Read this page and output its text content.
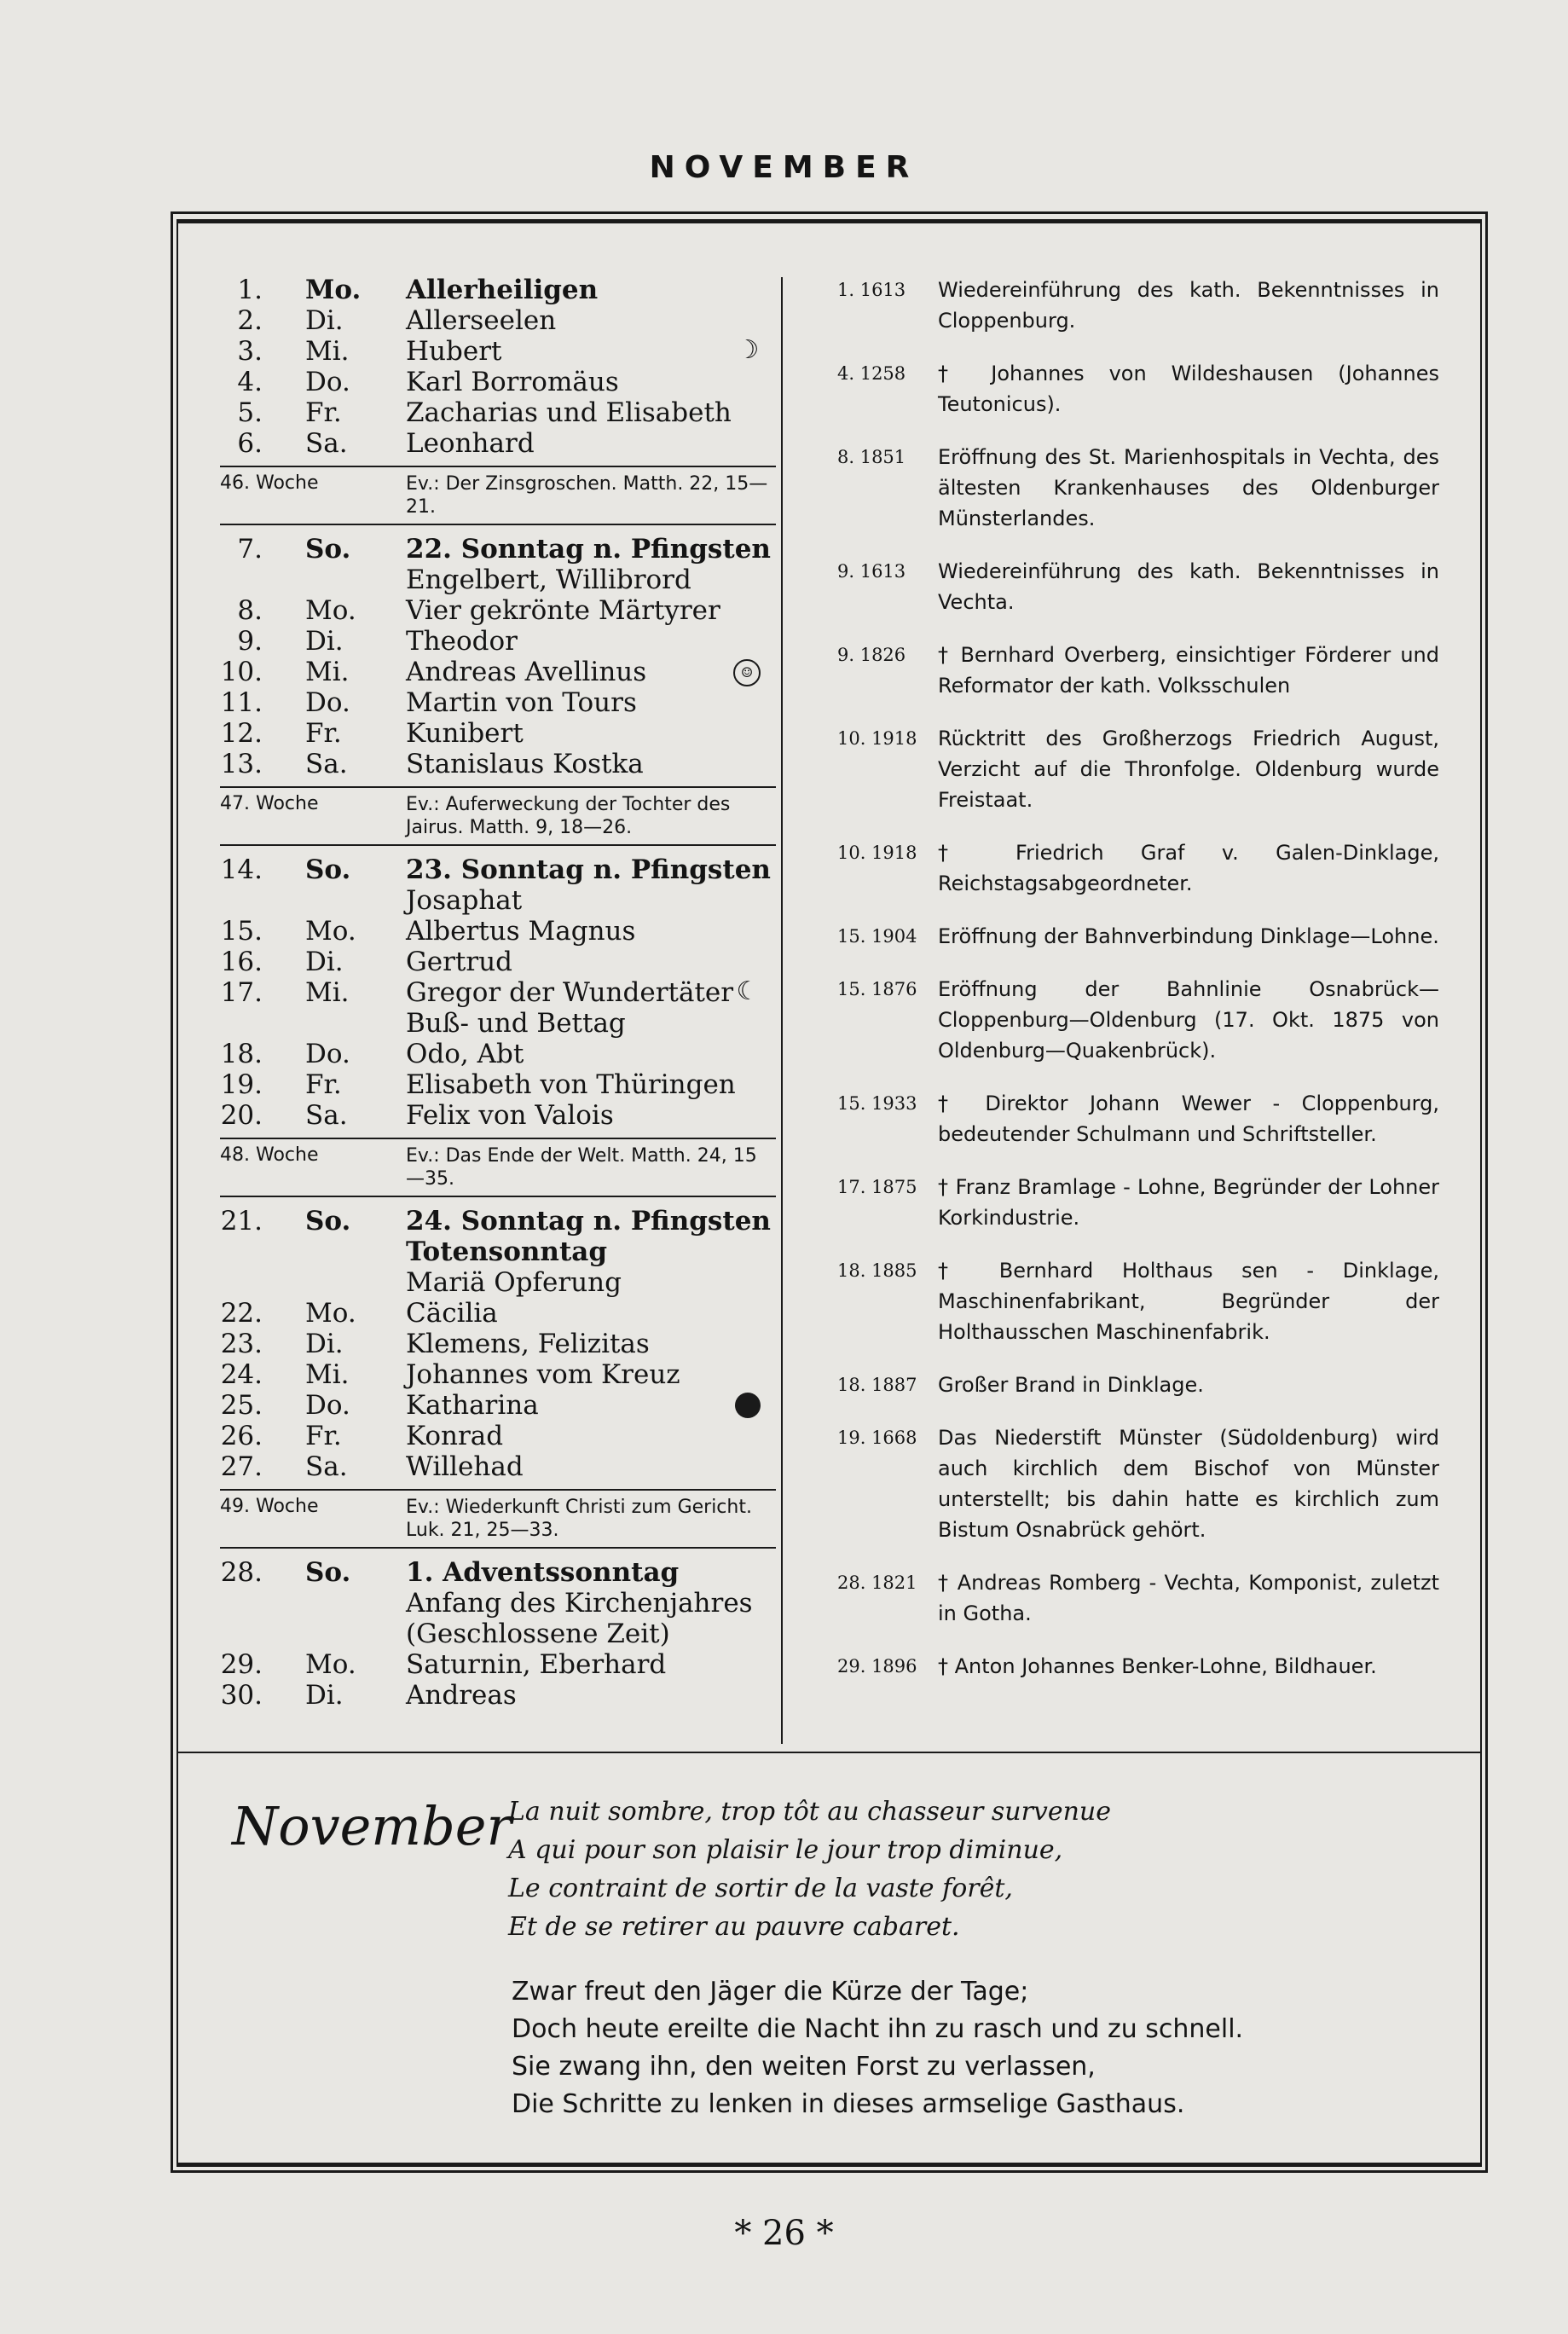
NOVEMBER
1. Mo. Allerheiligen
2. Di. Allerseelen
3. Mi. Hubert	☽
4. Do. Karl Borromäus
5. Fr. Zacharias und Elisabeth
6. Sa. Leonhard
46. Woche	Ev.: Der Zinsgroschen. Matth. 22, 15—21.
7. So. 22. Sonntag n. Pfingsten
Engelbert, Willibrord
8. Mo. Vier gekrönte Märtyrer
9. Di. Theodor
10. Mi. Andreas Avellinus	☺
11. Do. Martin von Tours
12. Fr. Kunibert
13. Sa. Stanislaus Kostka
47. Woche	Ev.: Auferweckung der Tochter des Jairus. Matth. 9, 18—26.
14. So. 23. Sonntag n. Pfingsten
Josaphat
15. Mo. Albertus Magnus
16. Di. Gertrud
17. Mi. Gregor der Wundertäter ☾
Buß- und Bettag
18. Do. Odo, Abt
19. Fr. Elisabeth von Thüringen
20. Sa. Felix von Valois
48. Woche	Ev.: Das Ende der Welt. Matth. 24, 15—35.
21. So. 24. Sonntag n. Pfingsten
Totensonntag
Mariä Opferung
22. Mo. Cäcilia
23. Di. Klemens, Felizitas
24. Mi. Johannes vom Kreuz
25. Do. Katharina
26. Fr. Konrad
27. Sa. Willehad
49. Woche	Ev.: Wiederkunft Christi zum Gericht. Luk. 21, 25—33.
28. So. 1. Adventssonntag
Anfang des Kirchenjahres
(Geschlossene Zeit)
29. Mo. Saturnin, Eberhard
30. Di. Andreas
1. 1613	Wiedereinführung des kath. Bekenntnisses in Cloppenburg.
4. 1258	† Johannes von Wildeshausen (Johannes Teutonicus).
8. 1851	Eröffnung des St. Marienhospitals in Vechta, des ältesten Krankenhauses des Oldenburger Münsterlandes.
9. 1613	Wiedereinführung des kath. Bekenntnisses in Vechta.
9. 1826	† Bernhard Overberg, einsichtiger Förderer und Reformator der kath. Volksschulen
10. 1918 Rücktritt des Großherzogs Friedrich August, Verzicht auf die Thronfolge. Oldenburg wurde Freistaat.
10. 1918 † Friedrich Graf v. Galen-Dinklage, Reichstagsabgeordneter.
15. 1904 Eröffnung der Bahnverbindung Dinklage—Lohne.
15. 1876 Eröffnung der Bahnlinie Osnabrück—Cloppenburg—Oldenburg (17. Okt. 1875 von Oldenburg—Quakenbrück).
15. 1933 † Direktor Johann Wewer - Cloppenburg, bedeutender Schulmann und Schriftsteller.
17. 1875 † Franz Bramlage - Lohne, Begründer der Lohner Korkindustrie.
18. 1885 † Bernhard Holthaus sen - Dinklage, Maschinenfabrikant, Begründer der Holthausschen Maschinenfabrik.
18. 1887 Großer Brand in Dinklage.
19. 1668 Das Niederstift Münster (Südoldenburg) wird auch kirchlich dem Bischof von Münster unterstellt; bis dahin hatte es kirchlich zum Bistum Osnabrück gehört.
28. 1821 † Andreas Romberg - Vechta, Komponist, zuletzt in Gotha.
29. 1896 † Anton Johannes Benker-Lohne, Bildhauer.
November
La nuit sombre, trop tôt au chasseur survenue
A qui pour son plaisir le jour trop diminue,
Le contraint de sortir de la vaste forêt,
Et de se retirer au pauvre cabaret.
Zwar freut den Jäger die Kürze der Tage;
Doch heute ereilte die Nacht ihn zu rasch und zu schnell.
Sie zwang ihn, den weiten Forst zu verlassen,
Die Schritte zu lenken in dieses armselige Gasthaus.
* 26 *
